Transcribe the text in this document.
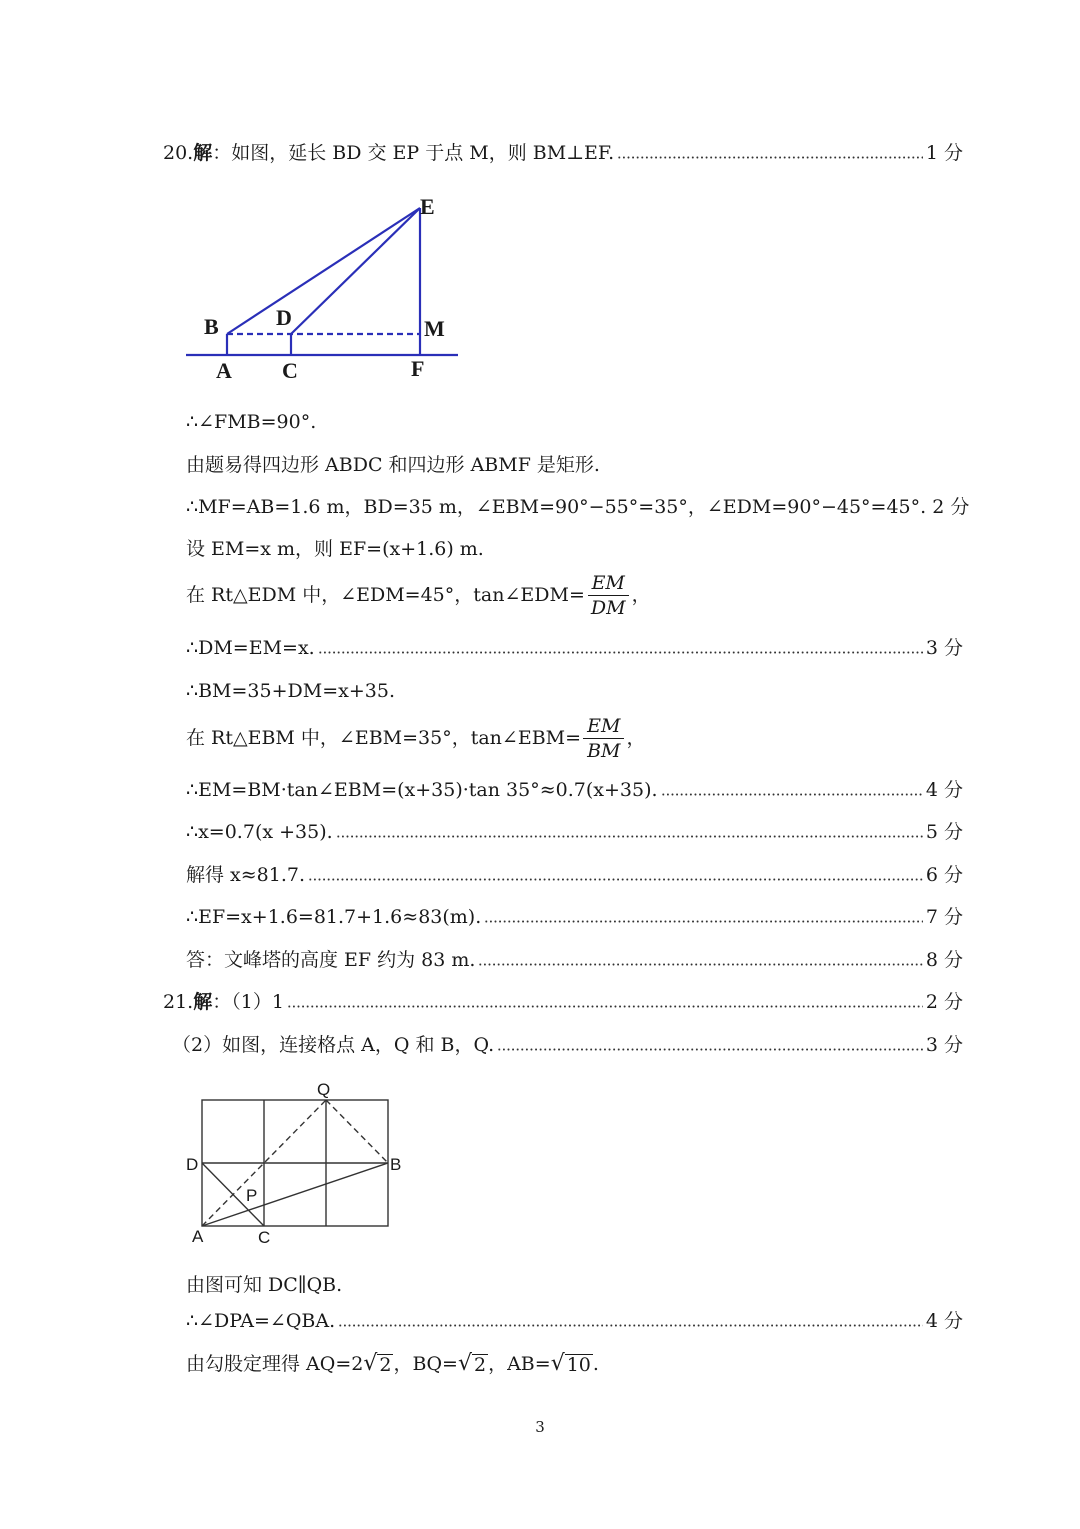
20. 解 ：如图，延长 BD 交 EP 于点 M，则 BM⊥EF.	1 分
E
B	D	M
A C	F
∴∠FMB=90°.
由题易得四边形 ABDC 和四边形 ABMF 是矩形.
∴MF=AB=1.6 m，BD=35 m，∠EBM=90°−55°=35°，∠EDM=90°−45°=45°. 2 分
设 EM=x m，则 EF=(x+1.6) m.
在 Rt△EDM 中，∠EDM=45°，tan∠EDM= $\frac{EM}{DM}$ ，
∴DM=EM=x.	3 分
∴BM=35+DM=x+35.
在 Rt△EBM 中，∠EBM=35°，tan∠EBM= $\frac{EM}{BM}$ ，
∴EM=BM·tan∠EBM=(x+35)·tan 35°≈0.7(x+35).	4 分
∴x=0.7(x +35).	5 分
解得 x≈81.7.	6 分
∴EF=x+1.6=81.7+1.6≈83(m).	7 分
答：文峰塔的高度 EF 约为 83 m.	8 分
21. 解 ：（1）1	2 分
（2）如图，连接格点 A，Q 和 B，Q.	3 分
Q
D	B
P
A	C
由图可知 DC∥QB.
∴∠DPA=∠QBA.	4 分
由勾股定理得 AQ=2 √ 2 ，BQ= √ 2 ，AB= √ 10 .
3
